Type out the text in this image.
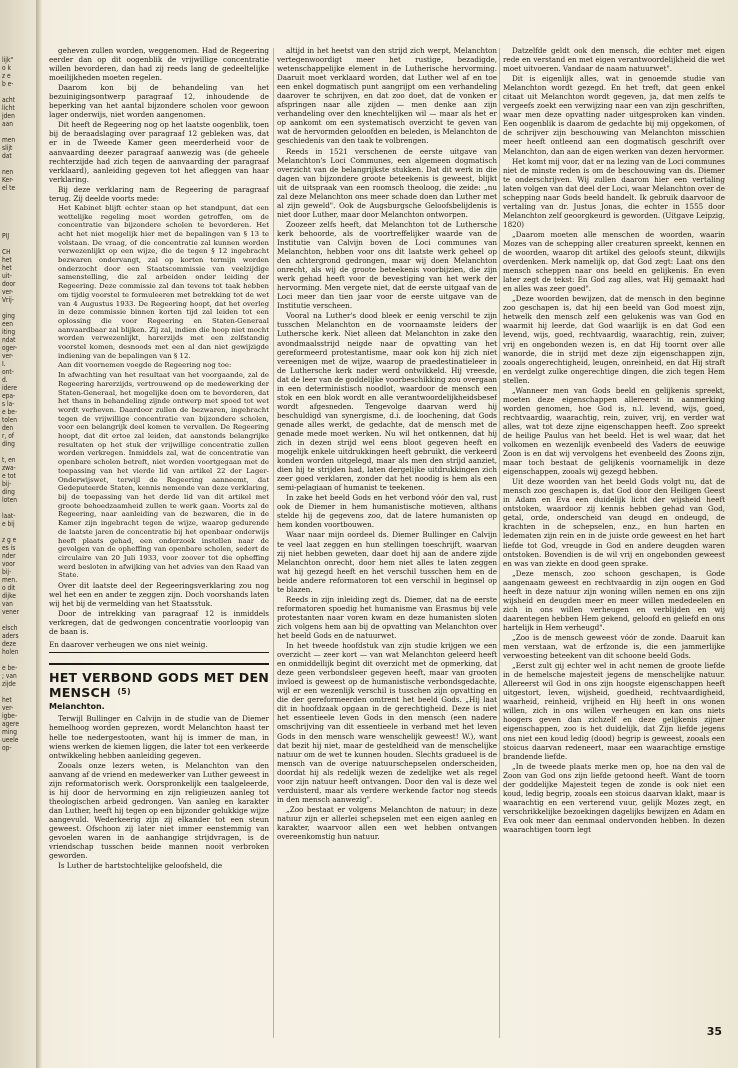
lijk"
o k
z e
b e-
acht
licht
jden
aan
men
slijt
dat
nen
Ker-
el te
PIJ
CH
het
het
uit-
door
ver-
Vrij-
ging
een
iting
ndat
oger-
ver-
I.
ont-
d.
idere
epa-
s la-
e be-
tolen
den
r, of
ding
t, en
zwa-
e tot
bij-
ding
loten
laat-
e bij
z g e
es is
nder
voor
bij-
men.
o dit
dijke
van
vener
elsch
aders
deze
holen
e be-
; van
zijde
het
ver-
igbe-
agere
ming
ueele
op-

geheven zullen worden, weggenomen. Had de Regeering eerder dan op dit oogenblik de vrijwillige concentratie willen bevorderen, dan had zij reeds lang de gedeeltelijke moeilijkheden moeten regelen.

Daarom kon bij de behandeling van het bezuinigingsontwerp paragraaf 12, inhoudende de beperking van het aantal bijzondere scholen voor gewoon lager onderwijs, niet worden aangenomen.

Dit heeft de Regeering nog op het laatste oogenblik, toen bij de beraadslaging over paragraaf 12 gebleken was, dat er in de Tweede Kamer geen meerderheid voor de aanvaarding deezer paragraaf aanwezig was (de geheele rechterzijde had zich tegen de aanvaarding der paragraaf verklaard), aanleiding gegeven tot het afleggen van haar verklaring.

Bij deze verklaring nam de Regeering de paragraaf terug. Zij deelde voorts mede:

Het Kabinet blijft echter staan op het standpunt, dat een wettelijke regeling moet worden getroffen, om de concentratie van bijzondere scholen te bevorderen. Het acht het niet mogelijk hier met de bepalingen van § 13 te volstaan. De vraag, of die concentratie zal kunnen worden verwezenlijkt op een wijze, die de tegen § 12 ingebracht bezwaren ondervangt, zal op korten termijn worden onderzocht door een Staatscommissie van veelzijdige samenstelling, die zal arbeiden onder leiding der Regeering. Deze commissie zal dan tevens tot taak hebben om tijdig voorstel te formuleeren met betrekking tot de wet van 4 Augustus 1933. De Regeering hoopt, dat het overleg in deze commissie binnen korten tijd zal leiden tot een oplossing die voor Regeering en Staten-Generaal aanvaardbaar zal blijken. Zij zal, indien die hoop niet mocht worden verwezenlijkt, harerzijds met een zelfstandig voorstel komen, desnoods met een al dan niet gewijzigde indiening van de bepalingen van § 12.

Aan dit voornemen voegde de Regeering nog toe:

In afwachting van het resultaat van het voorgaande, zal de Regeering harerzijds, vertrouwend op de medewerking der Staten-Generaal, het mogelijke doen om te bevorderen, dat het thans in behandeling zijnde ontwerp met spoed tot wet wordt verheven. Daardoor zullen de bezwaren, ingebracht tegen de vrijwillige concentratie van bijzondere scholen, voor een belangrijk deel komen te vervallen. De Regeering hoopt, dat dit ertoe zal leiden, dat aanstonds belangrijke resultaten op het stuk der vrijwillige concentratie zullen worden verkregen. Inmiddels zal, wat de concentratie van openbare scholen betreft, niet worden voortgegaan met de toepassing van het vierde lid van artikel 22 der Lager-Onderwijswet, terwijl de Regeering aanneemt, dat Gedeputeerde Staten, kennis nemende van deze verklaring, bij de toepassing van het derde lid van dit artikel met groote behoedzaamheid zullen te werk gaan. Voorts zal de Regeering, naar aanleiding van de bezwaren, die in de Kamer zijn ingebracht tegen de wijze, waarop gedurende de laatste jaren de concentratie bij het openbaar onderwijs heeft plaats gehad, een onderzoek instellen naar de gevolgen van de opheffing van openbare scholen, sedert de circulaire van 20 Juli 1933, voor zoover tot die opheffing werd besloten in afwijking van het advies van den Raad van State.

Over dit laatste deel der Regeeringsverklaring zou nog wel het een en ander te zeggen zijn. Doch voorshands laten wij het bij de vermelding van het Staatsstuk.

Door de intrekking van paragraaf 12 is inmiddels verkregen, dat de gedwongen concentratie voorloopig van de baan is.

En daarover verheugen we ons niet weinig.

HET VERBOND GODS MET DEN MENSCH $^{(5)}$

Melanchton.

Terwijl Bullinger en Calvijn in de studie van de Diemer hemelhoog worden geprezen, wordt Melanchton haast ter helle toe nedergestooten, want hij is immer de man, in wiens werken de kiemen liggen, die later tot een verkeerde ontwikkeling hebben aanleiding gegeven.

Zooals onze lezers weten, is Melanchton van den aanvang af de vriend en medewerker van Luther geweest in zijn reformatorisch werk. Oorspronkelijk een taalgeleerde, is hij door de hervorming en zijn religieuzen aanleg tot theologischen arbeid gedrongen. Van aanleg en karakter dan Luther, heeft hij tegen op een bijzonder gelukkige wijze aangevuld. Wederkeerig zijn zij elkander tot een steun geweest. Ofschoon zij later niet immer eenstemmig van gevoelen waren in de aanhangige strijdvragen, is de vriendschap tusschen beide mannen nooit verbroken geworden.

Is Luther de hartstochtelijke geloofsheld, die

altijd in het heetst van den strijd zich werpt, Melanchton vertegenwoordigt meer het rustige, bezadigde, wetenschappelijke element in de Lutherische hervorming. Daaruit moet verklaard worden, dat Luther wel af en toe een enkel dogmatisch punt aangrijpt om een verhandeling daarover te schrijven, en dat zoo doet, dat de vonken er afspringen naar alle zijden — men denke aan zijn verhandeling over den knechtelijken wil — maar als het er op aankomt om een systematisch overzicht te geven van wat de hervormden geloofden en beleden, is Melanchton de geschiedenis van den taak te volbrengen.

Reeds in 1521 verschenen de eerste uitgave van Melanchton's Loci Communes, een algemeen dogmatisch overzicht van de belangrijkste stukken. Dat dit werk in die dagen van bijzondere groote beteekenis is geweest, blijkt uit de uitspraak van een roomsch theoloog, die zeide: „nu zal deze Melanchton ons meer schade doen dan Luther met al zijn geweld". Ook de Augsburgsche Geloofsbelijdenis is niet door Luther, maar door Melanchton ontworpen.

Zoozeer zelfs heeft, dat Melanchton tot de Luthersche kerk behoorde, als de voortreffelijker waarde van de Institutie van Calvijn boven de Loci communes van Melanchton, hebben voor ons dit laatste werk geheel op den achtergrond gedrongen, maar wij doen Melanchton onrecht, als wij de groote beteekenis voorbijzien, die zijn werk gehad heeft voor de bevestiging van het werk der hervorming. Men vergete niet, dat de eerste uitgaaf van de Loci meer dan tien jaar voor de eerste uitgave van de Institutie verscheen.

Vooral na Luther's dood bleek er eenig verschil te zijn tusschen Melanchton en de voornaamste leiders der Luthersche kerk. Niet alleen dat Melanchton in zake den avondmaalsstrijd neigde naar de opvatting van het gereformeerd protestantisme, maar ook kon hij zich niet vereenigen met de wijze, waarop de praedestinatieleer in de Luthersche kerk nader werd ontwikkeld. Hij vreesde, dat de leer van de goddelijke voorbeschikking zou overgaan in een deterministisch noodlot, waardoor de mensch een stok en een blok wordt en alle verantwoordelijkheidsbesef wordt afgesneden. Tengevolge daarvan werd hij beschuldigd van synergisme, d.i. de loochening, dat Gods genade alles werkt, de gedachte, dat de mensch met de genade mede moet werken. Nu wil het ontkennen, dat hij zich in dezen strijd wel eens bloot gegeven heeft en mogelijk enkele uitdrukkingen heeft gebruikt, die verkeerd konden worden uitgelegd, maar als men den strijd aanziet, dien hij te strijden had, laten dergelijke uitdrukkingen zich zeer goed verklaren, zonder dat het noodig is hem als een semi-pelagiaan of humanist te teekenen.

In zake het beeld Gods en het verbond vóór den val, rust ook de Diemer in hem humanistische motieven, althans stelde hij de gegevens zoo, dat de latere humanisten op hem konden voortbouwen.

Waar naar mijn oordeel ds. Diemer Bullinger en Calvijn te veel laat zeggen en hun stellingen toeschrijft, waarvan zij niet hebben geweten, daar doet hij aan de andere zijde Melanchton onrecht, door hem niet alles te laten zeggen wat hij gezegd heeft en het verschil tusschen hem en de beide andere reformatoren tot een verschil in beginsel op te blazen.

Reeds in zijn inleiding zegt ds. Diemer, dat na de eerste reformatoren spoedig het humanisme van Erasmus bij vele protestanten naar voren kwam en deze humanisten sloten zich volgens hem aan bij de opvatting van Melanchton over het beeld Gods en de natuurwet.

In het tweede hoofdstuk van zijn studie krijgen we een overzicht — zeer kort — van wat Melanchton geleerd heeft en onmiddellijk begint dit overzicht met de opmerking, dat deze geen verbondsleer gegeven heeft, maar van grooten invloed is geweest op de humanistische verbondsgedachte, wijl er een wezenlijk verschil is tusschen zijn opvatting en die der gereformeerden omtrent het beeld Gods. „Hij laat dit in hoofdzaak opgaan in de gerechtigheid. Deze is niet het essentieele leven Gods in den mensch (een nadere omschrijving van dit essentieele in verband met het leven Gods in den mensch ware wenschelijk geweest! W.), want dat bezit hij niet, maar de gesteldheid van de menschelijke natuur om de wet te kunnen houden. Slechts gradueel is de mensch van de overige natuurschepselen onderscheiden, doordat hij als redelijk wezen de zedelijke wet als regel voor zijn natuur heeft ontvangen. Door den val is deze wel verduisterd, maar als verdere werkende factor nog steeds in den mensch aanwezig".

„Zoo bestaat er volgens Melanchton de natuur; in deze natuur zijn er allerlei schepselen met een eigen aanleg en karakter, waarvoor allen een wet hebben ontvangen overeenkomstig hun natuur.

Datzelfde geldt ook den mensch, die echter met eigen rede en verstand en met eigen verantwoordelijkheid die wet moet uitvoeren. Vandaar de naam natuurwet".

Dit is eigenlijk alles, wat in genoemde studie van Melanchton wordt gezegd. En het treft, dat geen enkel citaat uit Melanchton wordt gegeven, ja, dat men zelfs te vergeefs zoekt een verwijzing naar een van zijn geschriften, waar men deze opvatting nader uitgesproken kan vinden. Een oogenblik is daarom de gedachte bij mij opgekomen, of de schrijver zijn beschouwing van Melanchton misschien meer heeft ontleend aan een dogmatisch geschrift over Melanchton, dan aan de eigen werken van dezen hervormer.

Het komt mij voor, dat er na lezing van de Loci communes niet de minste reden is om de beschouwing van ds. Diemer te onderschrijven. Wij zullen daarom hier een vertaling laten volgen van dat deel der Loci, waar Melanchton over de schepping naar Gods beeld handelt. Ik gebruik daarvoor de vertaling van dr. Justus Jonas, die echter in 1555 door Melanchton zelf geoorgkeurd is geworden. (Uitgave Leipzig, 1820)

„Daarom moeten alle menschen de woorden, waarin Mozes van de schepping aller creaturen spreekt, kennen en de woorden, waarop dit artikel des geloofs steunt, dikwijls overdenken. Merk namelijk op, dat God zegt: Laat ons den mensch scheppen naar ons beeld en gelijkenis. En even later zegt de tekst: En God zag alles, wat Hij gemaakt had en alles was zeer goed".

„Deze woorden bewijzen, dat de mensch in den beginne zoo geschapen is, dat hij een beeld van God moest zijn, hetwelk den mensch zelf een gelukenis was van God en waarmit hij leerde, dat God waarlijk is en dat God een levend, wijs, goed, rechtvaardig, waarachtig, rein, zuiver, vrij en ongebonden wezen is, en dat Hij toornt over alle wanorde, die in strijd met deze zijn eigenschappen zijn, zooals ongerechtigheid, leugen, onreinheid, en dat Hij straft en verdelgt zulke ongerechtige dingen, die zich tegen Hem stellen.

„Wanneer men van Gods beeld en gelijkenis spreekt, moeten deze eigenschappen allereerst in aanmerking worden genomen, hoe God is, n.l. levend, wijs, goed, rechtvaardig, waarachtig, rein, zuiver, vrij, en verder wat alles, wat tot deze zijne eigenschappen heeft. Zoo spreekt de heilige Paulus van het beeld. Het is wel waar, dat het volkomen en wezenlijk evenbeeld des Vaders de eeuwige Zoon is en dat wij vervolgens het evenbeeld des Zoons zijn, maar toch bestaat de gelijkenis voornamelijk in deze eigenschappen, zooals wij gezegd hebben.

Uit deze woorden van het beeld Gods volgt nu, dat de mensch zoo geschapen is, dat God door den Heiligen Geest in Adam en Eva een duidelijk licht der wijsheid heeft ontstoken, waardoor zij kennis hebben gehad van God, getal, orde, onderscheid van deugd en ondeugd, de krachten in de schepselen, enz., en hun harten en ledematen zijn rein en in de juiste orde geweest en het hart liefde tot God, vreugde in God en andere deugden waren ontstoken. Bovendien is de wil vrij en ongebonden geweest en was van ziekte en dood geen sprake.

„Deze mensch, zoo schoon geschapen, is Gode aangenaam geweest en rechtvaardig in zijn oogen en God heeft in deze natuur zijn woning willen nemen en ons zijn wijsheid en deugden meer en meer willen mededeelen en zich in ons willen verheugen en verblijden en wij daarentegen hebben Hem gekend, geloofd en geliefd en ons hartelijk in Hem verheugd".

„Zoo is de mensch geweest vóór de zonde. Daaruit kan men verstaan, wat de erfzonde is, die een jammerlijke verwoesting beteekent van dit schoone beeld Gods.

„Eerst zult gij echter wel in acht nemen de groote liefde in de hemelsche majesteit jegens de menschelijke natuur. Allereerst wil God in ons zijn hoogste eigenschappen heeft uitgestort, leven, wijsheid, goedheid, rechtvaardigheid, waarheid, reinheid, vrijheid en Hij heeft in ons wonen willen, zich in ons willen verheugen en kan ons niets hoogers geven dan zichzelf en deze gelijkenis zijner eigenschappen, zoo is het duidelijk, dat Zijn liefde jegens ons niet een koud ledig (dood) begrip is geweest, zooals een stoicus daarvan redeneert, maar een waarachtige ernstige brandende liefde.

„In de tweede plaats merke men op, hoe na den val de Zoon van God ons zijn liefde getoond heeft. Want de toorn der goddelijke Majesteit tegen de zonde is ook niet een koud, ledig begrip, zooals een stoicus daarvan klakt, maar is waarachtig en een verterend vuur, gelijk Mozes zegt, en verschrikkelijke bezoekingen dagelijks bewijzen en Adam en Eva ook meer dan eenmaal ondervonden hebben. In dezen waarachtigen toorn legt

35
